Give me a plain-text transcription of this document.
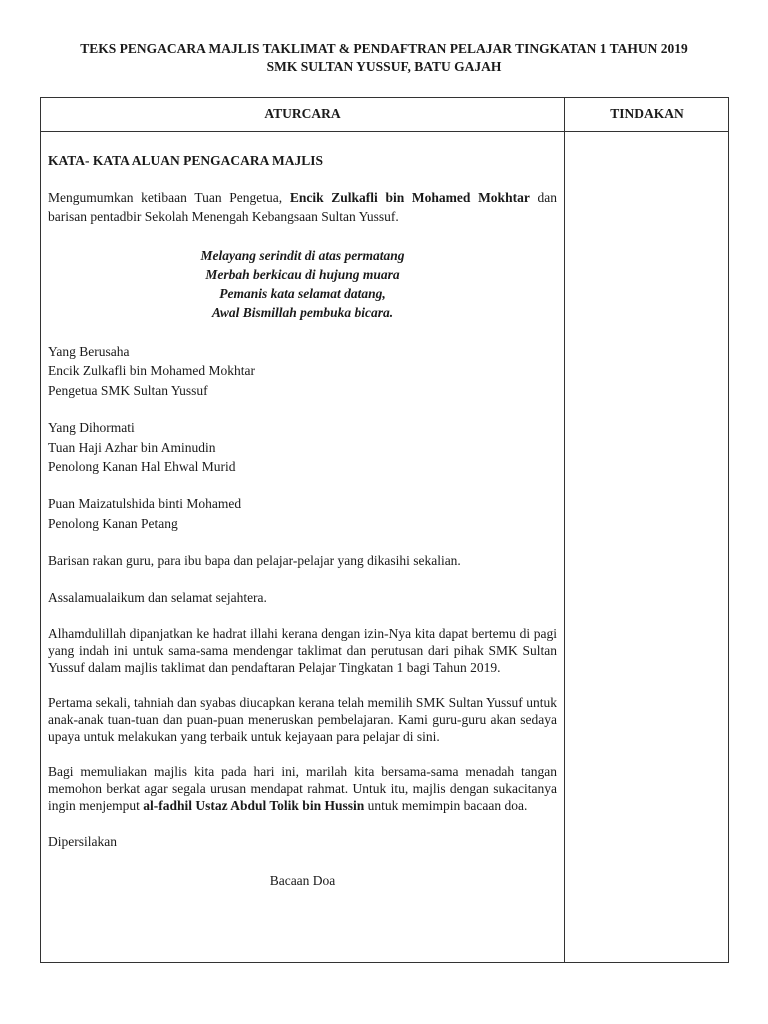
TEKS PENGACARA MAJLIS TAKLIMAT & PENDAFTRAN PELAJAR TINGKATAN 1 TAHUN 2019
SMK SULTAN YUSSUF, BATU GAJAH
ATURCARA	TINDAKAN

KATA- KATA ALUAN PENGACARA MAJLIS

Mengumumkan ketibaan Tuan Pengetua, Encik Zulkafli bin Mohamed Mokhtar dan barisan pentadbir Sekolah Menengah Kebangsaan Sultan Yussuf.

Melayang serindit di atas permatang

Merbah berkicau di hujung muara

Pemanis kata selamat datang,

Awal Bismillah pembuka bicara.

Yang Berusaha

Encik Zulkafli bin Mohamed Mokhtar

Pengetua SMK Sultan Yussuf

Yang Dihormati

Tuan Haji Azhar bin Aminudin

Penolong Kanan Hal Ehwal Murid

Puan Maizatulshida binti Mohamed

Penolong Kanan Petang

Barisan rakan guru, para ibu bapa dan pelajar-pelajar yang dikasihi sekalian.

Assalamualaikum dan selamat sejahtera.

Alhamdulillah dipanjatkan ke hadrat illahi kerana dengan izin-Nya kita dapat bertemu di pagi yang indah ini untuk sama-sama mendengar taklimat dan perutusan dari pihak SMK Sultan Yussuf dalam majlis taklimat dan pendaftaran Pelajar Tingkatan 1 bagi Tahun 2019.

Pertama sekali, tahniah dan syabas diucapkan kerana telah memilih SMK Sultan Yussuf untuk anak-anak tuan-tuan dan puan-puan meneruskan pembelajaran. Kami guru-guru akan sedaya upaya untuk melakukan yang terbaik untuk kejayaan para pelajar di sini.

Bagi memuliakan majlis kita pada hari ini, marilah kita bersama-sama menadah tangan memohon berkat agar segala urusan mendapat rahmat. Untuk itu, majlis dengan sukacitanya ingin menjemput al-fadhil Ustaz Abdul Tolik bin Hussin untuk memimpin bacaan doa.

Dipersilakan

Bacaan Doa
